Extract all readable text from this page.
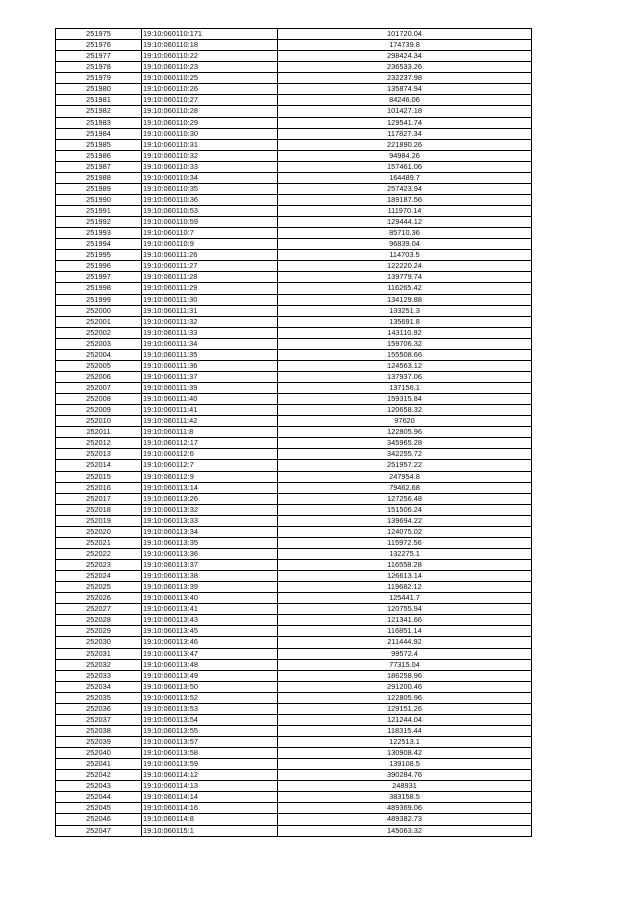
251975	19:10:060110:171	101720.04
251976	19:10:060110:18	174739.8
251977	19:10:060110:22	298424.34
251978	19:10:060110:23	236533.26
251979	19:10:060110:25	232237.98
251980	19:10:060110:26	135874.94
251981	19:10:060110:27	84246.06
251982	19:10:060110:28	101427.18
251983	19:10:060110:29	129541.74
251984	19:10:060110:30	117827.34
251985	19:10:060110:31	221890.26
251986	19:10:060110:32	94984.26
251987	19:10:060110:33	157461.06
251988	19:10:060110:34	164489.7
251989	19:10:060110:35	257423.94
251990	19:10:060110:36	189187.56
251991	19:10:060110:53	111970.14
251992	19:10:060110:59	129444.12
251993	19:10:060110:7	85710.36
251994	19:10:060110:9	96839.04
251995	19:10:060111:26	114703.5
251996	19:10:060111:27	122220.24
251997	19:10:060111:28	139779.74
251998	19:10:060111:29	116265.42
251999	19:10:060111:30	134129.88
252000	19:10:060111:31	133251.3
252001	19:10:060111:32	135691.8
252002	19:10:060111:33	143110.92
252003	19:10:060111:34	159706.32
252004	19:10:060111:35	155508.66
252005	19:10:060111:36	124563.12
252006	19:10:060111:37	137937.06
252007	19:10:060111:39	137156.1
252008	19:10:060111:40	159315.84
252009	19:10:060111:41	120658.32
252010	19:10:060111:42	97620
252011	19:10:060111:8	122805.96
252012	19:10:060112:17	345965.28
252013	19:10:060112:6	342255.72
252014	19:10:060112:7	251957.22
252015	19:10:060112:9	247954.8
252016	19:10:060113:14	79462.68
252017	19:10:060113:26	127256.48
252018	19:10:060113:32	151506.24
252019	19:10:060113:33	139694.22
252020	19:10:060113:34	124075.02
252021	19:10:060113:35	115972.56
252022	19:10:060113:36	132275.1
252023	19:10:060113:37	116558.28
252024	19:10:060113:38	126613.14
252025	19:10:060113:39	119682.12
252026	19:10:060113:40	125441.7
252027	19:10:060113:41	120755.94
252028	19:10:060113:43	121341.66
252029	19:10:060113:45	116851.14
252030	19:10:060113:46	211444.92
252031	19:10:060113:47	99572.4
252032	19:10:060113:48	77315.04
252033	19:10:060113:49	186258.96
252034	19:10:060113:50	291200.46
252035	19:10:060113:52	122805.96
252036	19:10:060113:53	129151.26
252037	19:10:060113:54	121244.04
252038	19:10:060113:55	118315.44
252039	19:10:060113:57	122513.1
252040	19:10:060113:58	130908.42
252041	19:10:060113:59	139108.5
252042	19:10:060114:12	390284.76
252043	19:10:060114:13	248931
252044	19:10:060114:14	383158.5
252045	19:10:060114:16	489369.06
252046	19:10:060114:8	489382.73
252047	19:10:060115:1	145063.32
